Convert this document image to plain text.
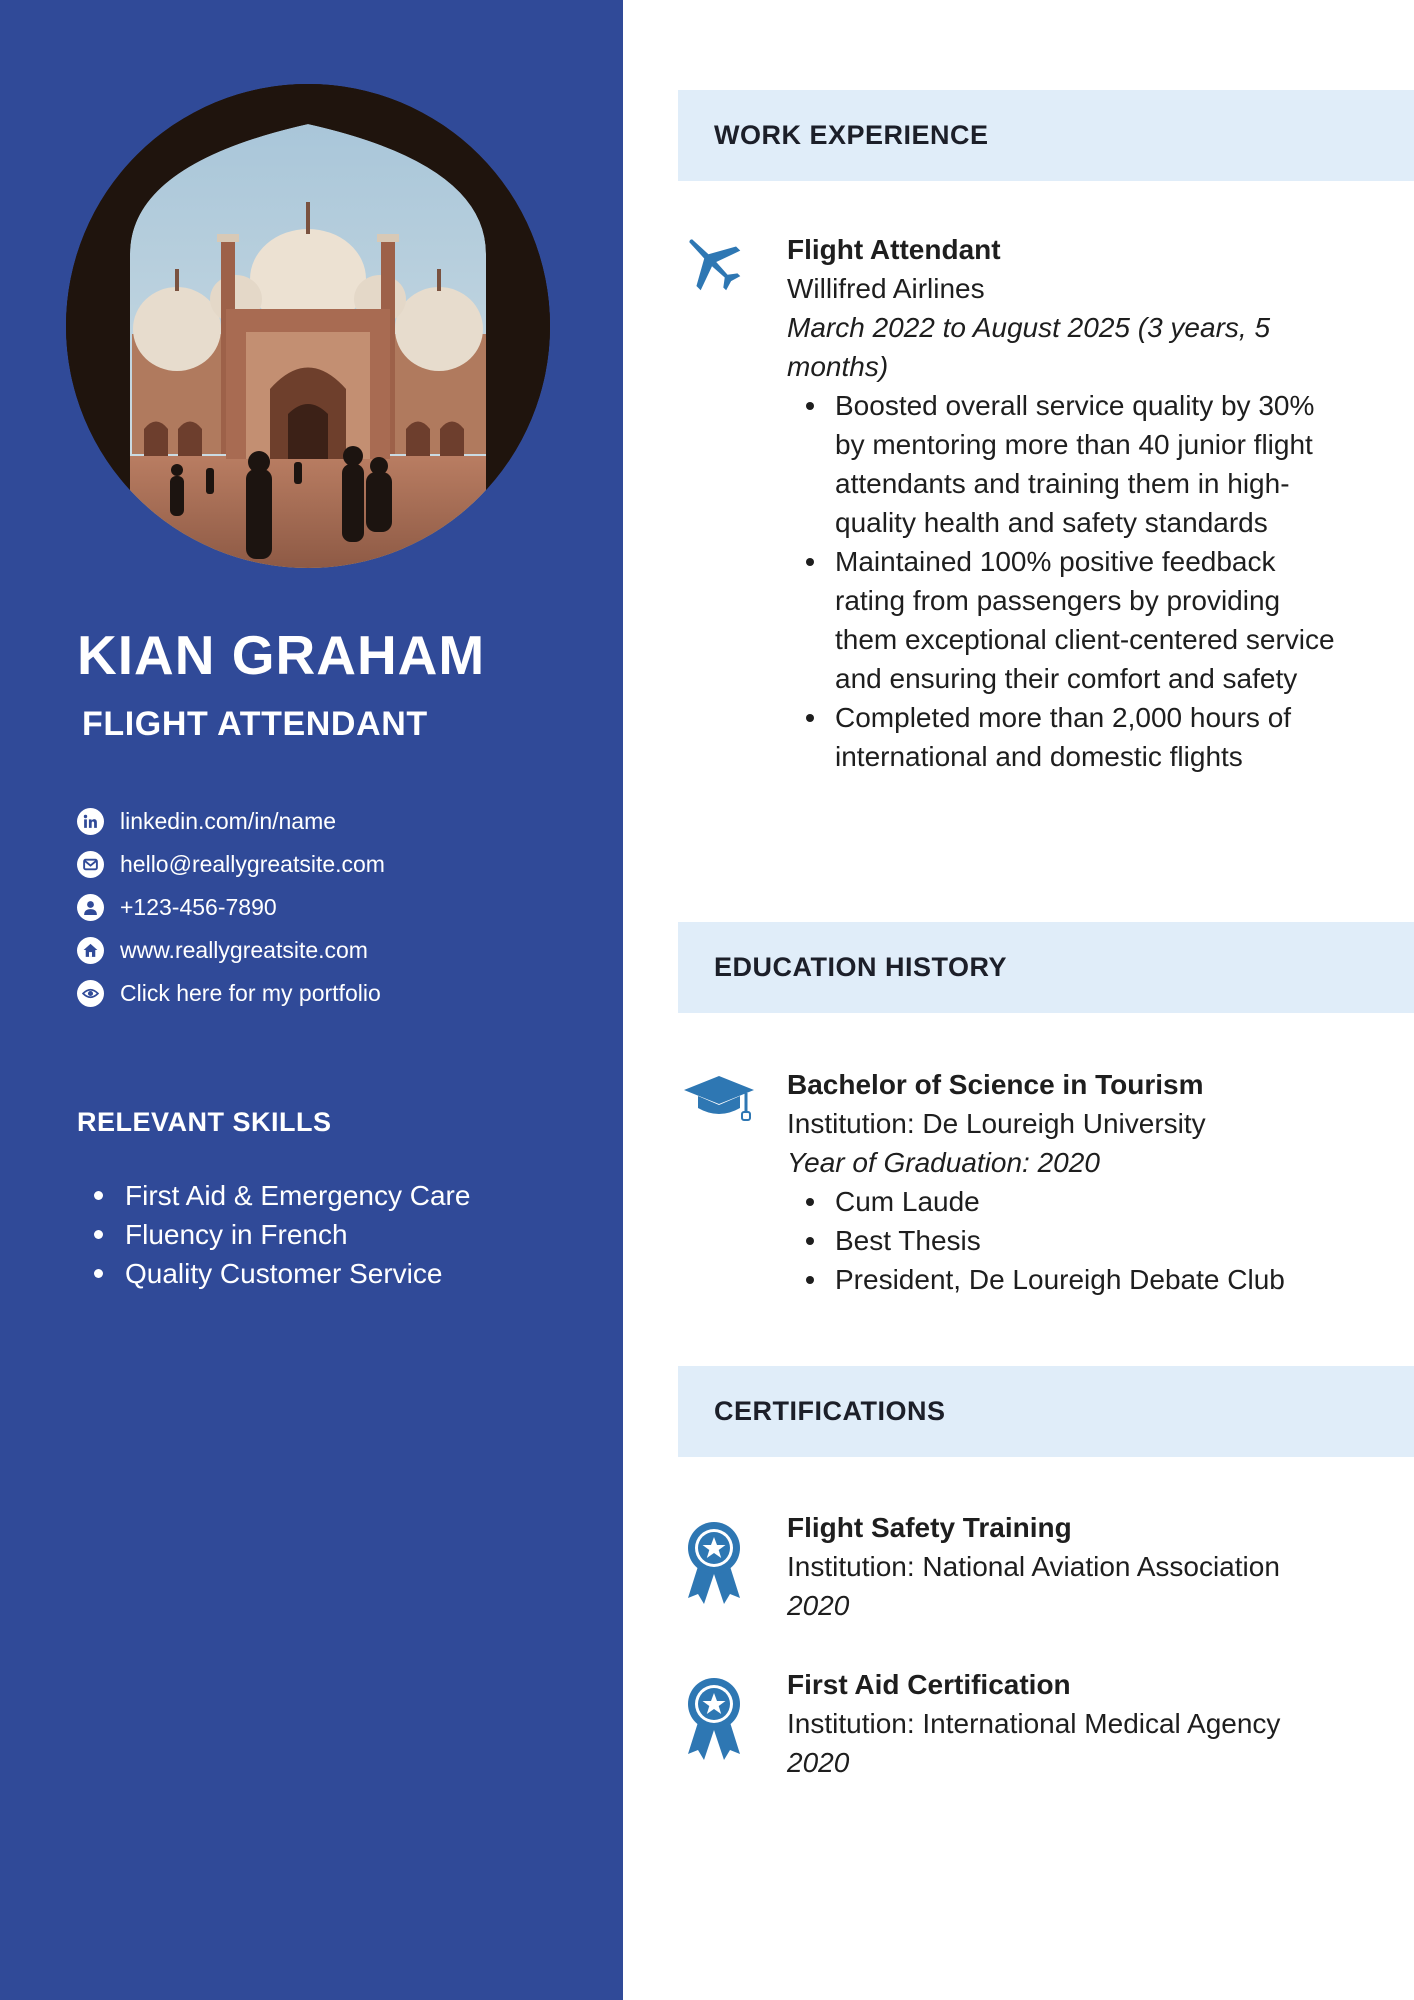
KIAN GRAHAM
FLIGHT ATTENDANT
linkedin.com/in/name
hello@reallygreatsite.com
+123-456-7890
www.reallygreatsite.com
Click here for my portfolio
RELEVANT SKILLS
First Aid & Emergency Care
Fluency in French
Quality Customer Service
WORK EXPERIENCE
Flight Attendant
Willifred Airlines
March 2022 to August 2025 (3 years, 5 months)
Boosted overall service quality by 30% by mentoring more than 40 junior flight attendants and training them in high-quality health and safety standards
Maintained 100% positive feedback rating from passengers by providing them exceptional client-centered service and ensuring their comfort and safety
Completed more than 2,000 hours of international and domestic flights
EDUCATION HISTORY
Bachelor of Science in Tourism
Institution: De Loureigh University
Year of Graduation: 2020
Cum Laude
Best Thesis
President, De Loureigh Debate Club
CERTIFICATIONS
Flight Safety Training
Institution: National Aviation Association
2020
First Aid Certification
Institution: International Medical Agency
2020
